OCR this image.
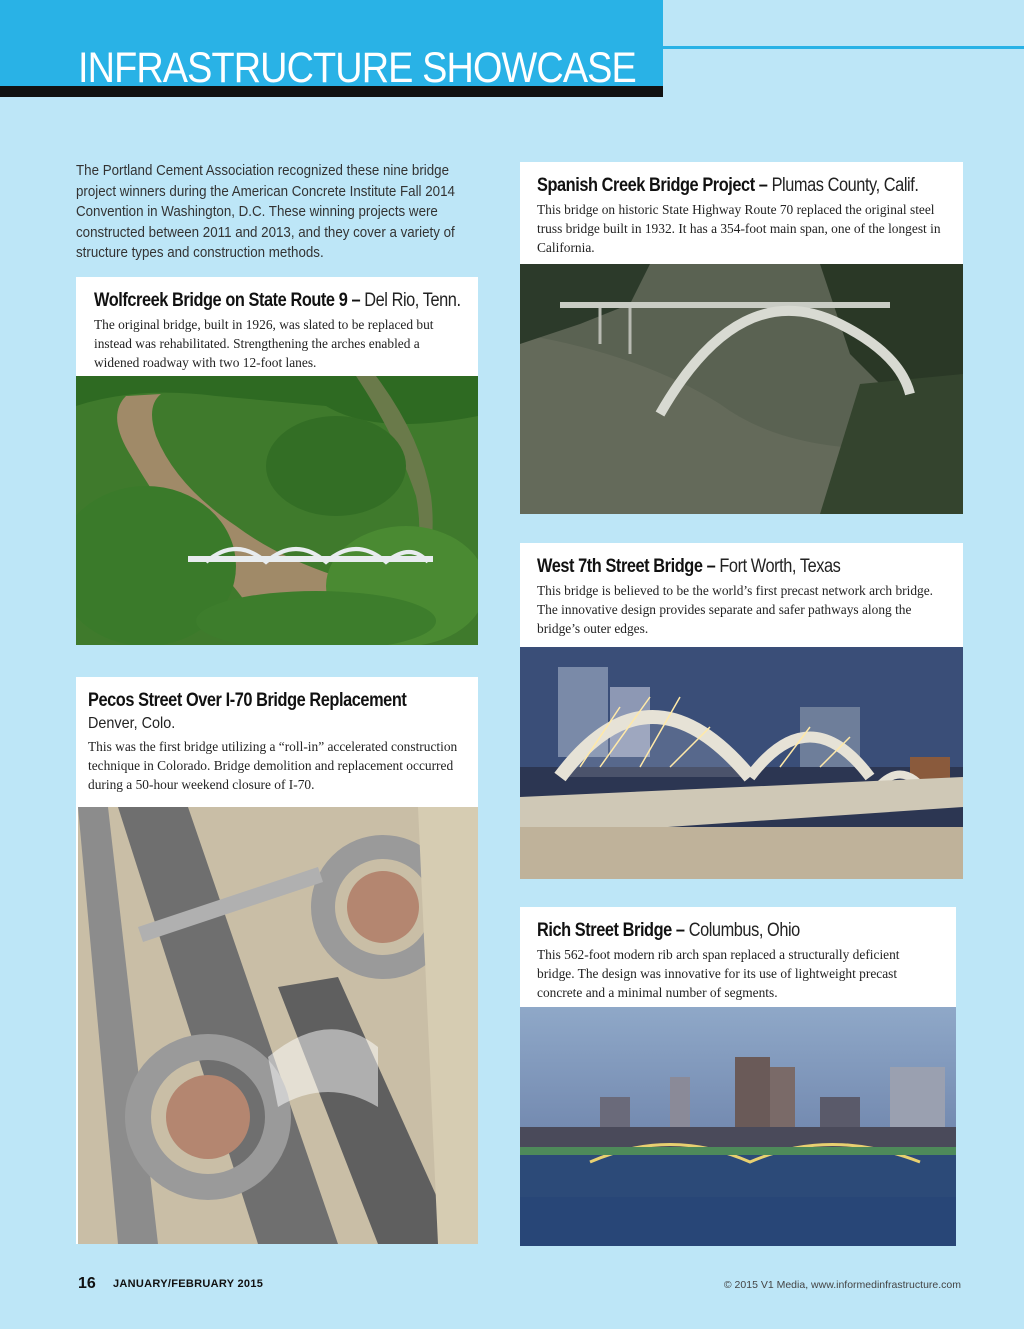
INFRASTRUCTURE SHOWCASE
The Portland Cement Association recognized these nine bridge project winners during the American Concrete Institute Fall 2014 Convention in Washington, D.C. These winning projects were constructed between 2011 and 2013, and they cover a variety of structure types and construction methods.
Wolfcreek Bridge on State Route 9 – Del Rio, Tenn.
The original bridge, built in 1926, was slated to be replaced but instead was rehabilitated. Strengthening the arches enabled a widened roadway with two 12-foot lanes.
Spanish Creek Bridge Project – Plumas County, Calif.
This bridge on historic State Highway Route 70 replaced the original steel truss bridge built in 1932. It has a 354-foot main span, one of the longest in California.
West 7th Street Bridge – Fort Worth, Texas
This bridge is believed to be the world’s first precast network arch bridge. The innovative design provides separate and safer pathways along the bridge’s outer edges.
Pecos Street Over I-70 Bridge Replacement
Denver, Colo.
This was the first bridge utilizing a “roll-in” accelerated construction technique in Colorado. Bridge demolition and replacement occurred during a 50-hour weekend closure of I-70.
Rich Street Bridge – Columbus, Ohio
This 562-foot modern rib arch span replaced a structurally deficient bridge. The design was innovative for its use of lightweight precast concrete and a minimal number of segments.
16 JANUARY/FEBRUARY 2015	© 2015 V1 Media, www.informedinfrastructure.com
